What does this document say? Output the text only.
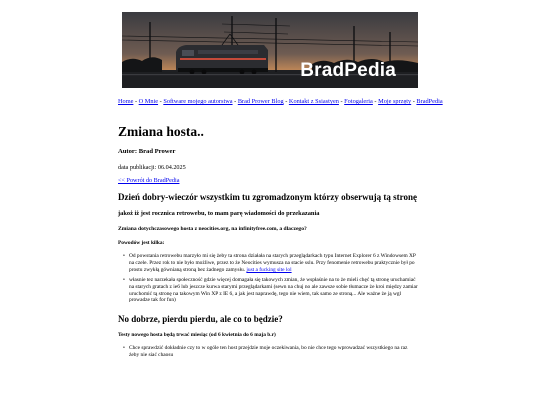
BradPedia
Home - O Mnie - Software mojego autorstwa - Brad Prower Blog - Kontakt z Ssiastyen - Fotogaleria - Moje sprzęty - BradPedia
Zmiana hosta..
Autor: Brad Prower
data publikacji: 06.04.2025
<< Powrót do BradPedia
Dzień dobry-wieczór wszystkim tu zgromadzonym którzy obserwują tą stronę
jakoż iż jest rocznica retrowebu, to mam parę wiadomości do przekazania
Zmiana dotychczasowego hosta z neocities.org, na infinityfree.com, a dlaczego?
Powodów jest kilka:
• Od powstania retrowebu marzyło mi się żeby ta strona działała na starych przeglądarkach typu Internet Explorer 6 z Windowsem XP na czele. Przez rok to nie było możliwe, przez to że Neocities wymusza na stacie sslu. Przy fenomenie retrowebu praktycznie był po prostu zwykłą gównianą stroną bez żadnego zamysłu. just a fucking site lol
• własnie tez narzekała społeczność gdzie więcej domagała się takowych zmian, że wspłaśnie na to że mieli chęć tą stronę uruchamiać na starych gratach z ie6 lub jeszcze kurwa starymi przeglądarkami (sewn na chuj no ale zawsze sobie tłumacze że kroi między zamiar uruchomić tą stronę na takowym Win XP z IE 6, a jak jest naprawdę, tego nie wiem, tak samo ze stroną... Ale ważne że ją wgl prowadze tak for fun)
No dobrze, pierdu pierdu, ale co to będzie?
Testy nowego hosta będą trwać miesiąc (od 6 kwietnia do 6 maja b.r)
• Chce sprawdzić dokładnie czy to w ogóle ten host przejdzie moje oczekiwania, bo nie chce tego wprowadzać wszystkiego na raz żeby nie siać chaosu
